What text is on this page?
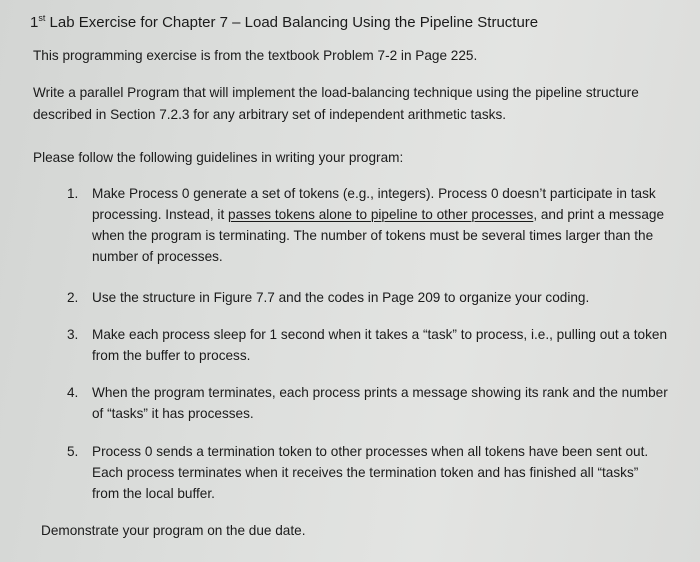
1st Lab Exercise for Chapter 7 – Load Balancing Using the Pipeline Structure
This programming exercise is from the textbook Problem 7-2 in Page 225.
Write a parallel Program that will implement the load-balancing technique using the pipeline structure
described in Section 7.2.3 for any arbitrary set of independent arithmetic tasks.
Please follow the following guidelines in writing your program:
1. Make Process 0 generate a set of tokens (e.g., integers). Process 0 doesn’t participate in task
processing. Instead, it passes tokens alone to pipeline to other processes, and print a message
when the program is terminating. The number of tokens must be several times larger than the
number of processes.
2. Use the structure in Figure 7.7 and the codes in Page 209 to organize your coding.
3. Make each process sleep for 1 second when it takes a “task” to process, i.e., pulling out a token
from the buffer to process.
4. When the program terminates, each process prints a message showing its rank and the number
of “tasks” it has processes.
5. Process 0 sends a termination token to other processes when all tokens have been sent out.
Each process terminates when it receives the termination token and has finished all “tasks”
from the local buffer.
Demonstrate your program on the due date.
